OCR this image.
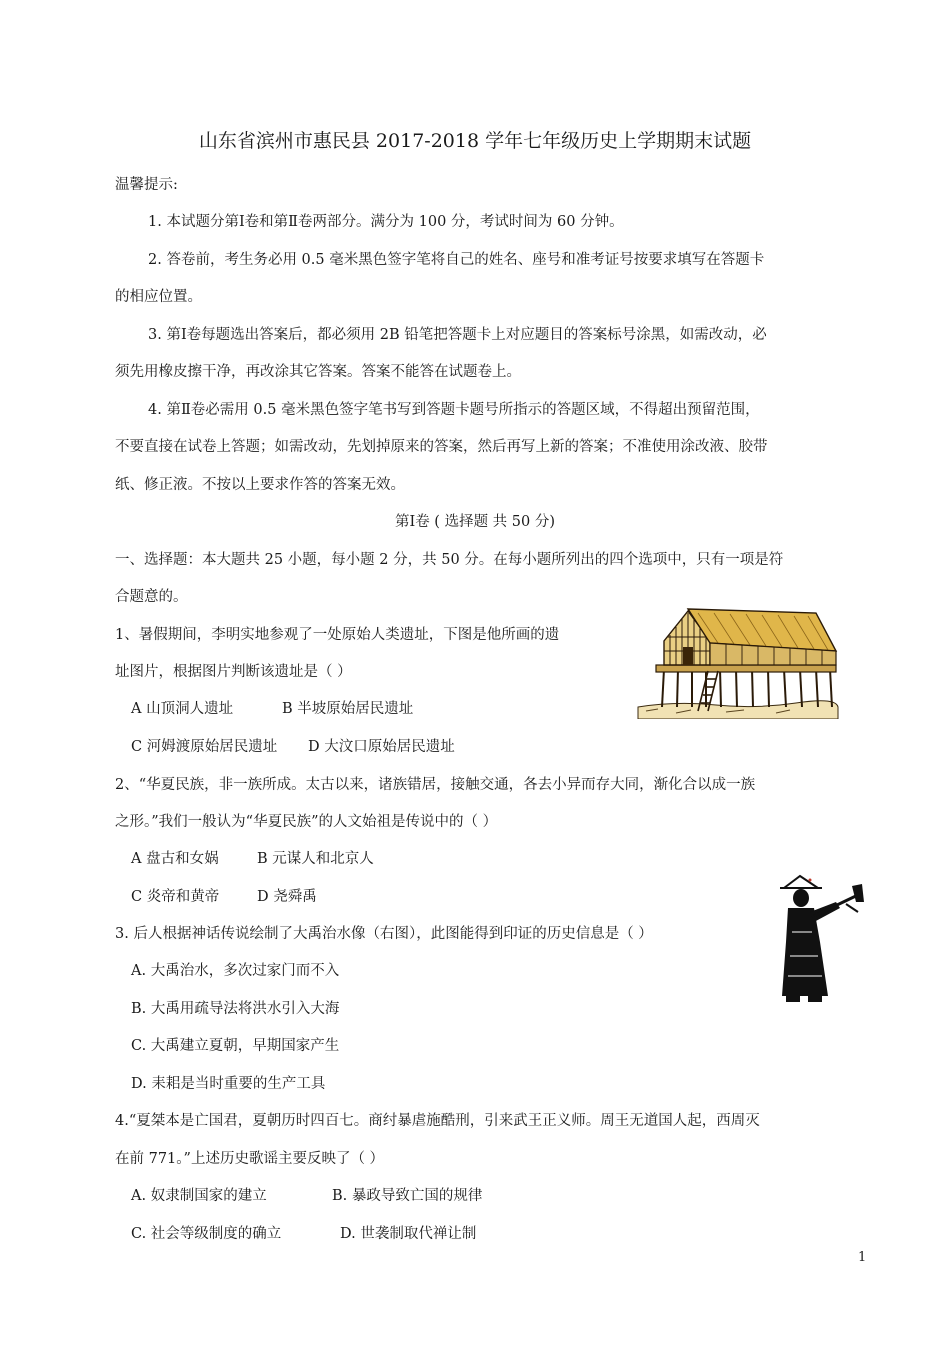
山东省滨州市惠民县 2017-2018 学年七年级历史上学期期末试题
温馨提示:
1. 本试题分第Ⅰ卷和第Ⅱ卷两部分。满分为 100 分，考试时间为 60 分钟。
2. 答卷前，考生务必用 0.5 毫米黑色签字笔将自己的姓名、座号和准考证号按要求填写在答题卡
的相应位置。
3. 第Ⅰ卷每题选出答案后，都必须用 2B 铅笔把答题卡上对应题目的答案标号涂黑，如需改动，必
须先用橡皮擦干净，再改涂其它答案。答案不能答在试题卷上。
4. 第Ⅱ卷必需用 0.5 毫米黑色签字笔书写到答题卡题号所指示的答题区域，不得超出预留范围，
不要直接在试卷上答题；如需改动，先划掉原来的答案，然后再写上新的答案；不准使用涂改液、胶带
纸、修正液。不按以上要求作答的答案无效。
第Ⅰ卷 ( 选择题 共 50 分)
一、选择题：本大题共 25 小题，每小题 2 分，共 50 分。在每小题所列出的四个选项中，只有一项是符
合题意的。
1、暑假期间，李明实地参观了一处原始人类遗址，下图是他所画的遗
址图片，根据图片判断该遗址是（ ）
A 山顶洞人遗址	B 半坡原始居民遗址
C 河姆渡原始居民遗址 D 大汶口原始居民遗址
2、“华夏民族，非一族所成。太古以来，诸族错居，接触交通，各去小异而存大同，渐化合以成一族
之形。”我们一般认为“华夏民族”的人文始祖是传说中的（ ）
A 盘古和女娲	B 元谋人和北京人
C 炎帝和黄帝	D 尧舜禹
3. 后人根据神话传说绘制了大禹治水像（右图），此图能得到印证的历史信息是（ ）
A. 大禹治水，多次过家门而不入
B. 大禹用疏导法将洪水引入大海
C. 大禹建立夏朝，早期国家产生
D. 耒耜是当时重要的生产工具
4.“夏桀本是亡国君，夏朝历时四百七。商纣暴虐施酷刑，引来武王正义师。周王无道国人起，西周灭
在前 771。”上述历史歌谣主要反映了（ ）
A. 奴隶制国家的建立	B. 暴政导致亡国的规律
C. 社会等级制度的确立	D. 世袭制取代禅让制
1
